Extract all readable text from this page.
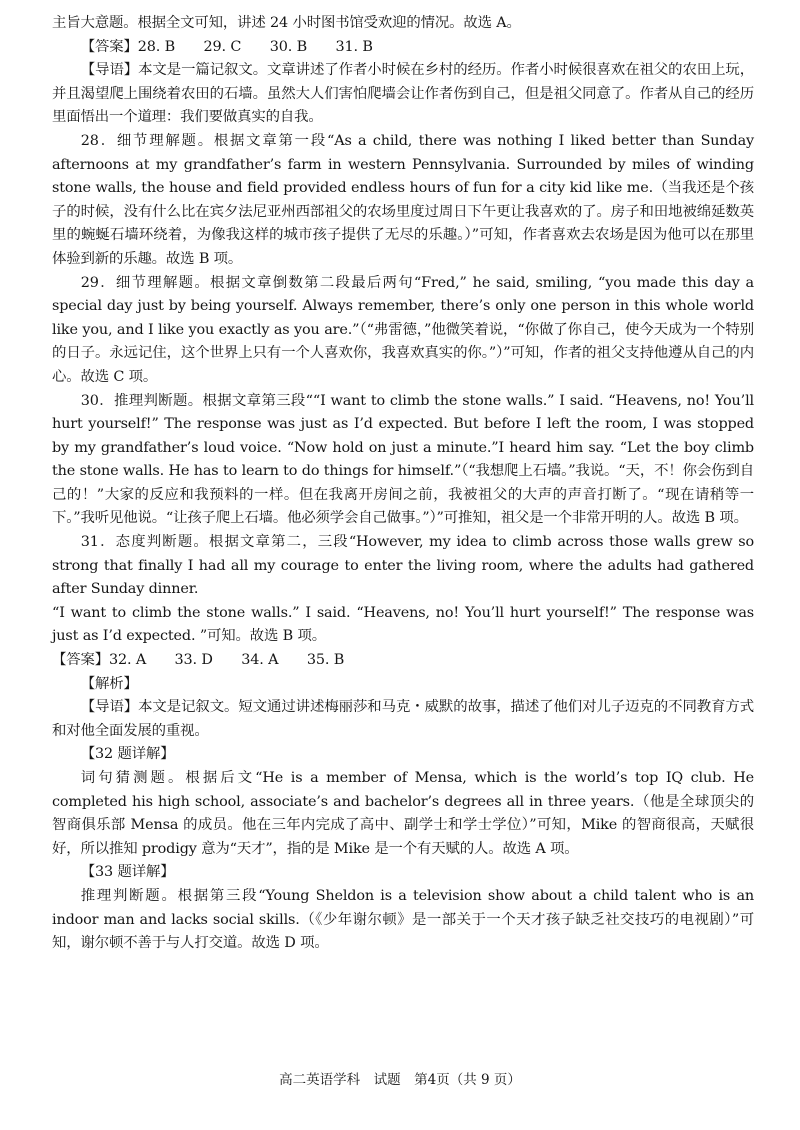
主旨大意题。根据全文可知，讲述 24 小时图书馆受欢迎的情况。故选 A。

【答案】28. B　　29. C　　30. B　　31. B

【导语】本文是一篇记叙文。文章讲述了作者小时候在乡村的经历。作者小时候很喜欢在祖父的农田上玩，并且渴望爬上围绕着农田的石墙。虽然大人们害怕爬墙会让作者伤到自己，但是祖父同意了。作者从自己的经历里面悟出一个道理：我们要做真实的自我。

28．细节理解题。根据文章第一段“As a child, there was nothing I liked better than Sunday afternoons at my grandfather’s farm in western Pennsylvania. Surrounded by miles of winding stone walls, the house and field provided endless hours of fun for a city kid like me.（当我还是个孩子的时候，没有什么比在宾夕法尼亚州西部祖父的农场里度过周日下午更让我喜欢的了。房子和田地被绵延数英里的蜿蜒石墙环绕着，为像我这样的城市孩子提供了无尽的乐趣。）”可知，作者喜欢去农场是因为他可以在那里体验到新的乐趣。故选 B 项。

29．细节理解题。根据文章倒数第二段最后两句“Fred,” he said, smiling, “you made this day a special day just by being yourself. Always remember, there’s only one person in this whole world like you, and I like you exactly as you are.”（“弗雷德，”他微笑着说，“你做了你自己，使今天成为一个特别的日子。永远记住，这个世界上只有一个人喜欢你，我喜欢真实的你。”）”可知，作者的祖父支持他遵从自己的内心。故选 C 项。

30．推理判断题。根据文章第三段““I want to climb the stone walls.” I said. “Heavens, no! You’ll hurt yourself!” The response was just as I’d expected. But before I left the room, I was stopped by my grandfather’s loud voice. “Now hold on just a minute.”I heard him say. “Let the boy climb the stone walls. He has to learn to do things for himself.”（“我想爬上石墙。”我说。“天，不！你会伤到自己的！”大家的反应和我预料的一样。但在我离开房间之前，我被祖父的大声的声音打断了。“现在请稍等一下。”我听见他说。“让孩子爬上石墙。他必须学会自己做事。”）”可推知，祖父是一个非常开明的人。故选 B 项。

31．态度判断题。根据文章第二，三段“However, my idea to climb across those walls grew so strong that finally I had all my courage to enter the living room, where the adults had gathered after Sunday dinner.

“I want to climb the stone walls.” I said. “Heavens, no! You’ll hurt yourself!” The response was just as I’d expected. ”可知。故选 B 项。

【答案】32. A　　33. D　　34. A　　35. B

【解析】

【导语】本文是记叙文。短文通过讲述梅丽莎和马克・威默的故事，描述了他们对儿子迈克的不同教育方式和对他全面发展的重视。

【32 题详解】

词句猜测题。根据后文“He is a member of Mensa, which is the world’s top IQ club. He completed his high school, associate’s and bachelor’s degrees all in three years.（他是全球顶尖的智商俱乐部 Mensa 的成员。他在三年内完成了高中、副学士和学士学位）”可知，Mike 的智商很高，天赋很好，所以推知 prodigy 意为“天才”，指的是 Mike 是一个有天赋的人。故选 A 项。

【33 题详解】

推理判断题。根据第三段“Young Sheldon is a television show about a child talent who is an indoor man and lacks social skills.（《少年谢尔顿》是一部关于一个天才孩子缺乏社交技巧的电视剧）”可知，谢尔顿不善于与人打交道。故选 D 项。

高二英语学科　试题　第4页（共 9 页）
